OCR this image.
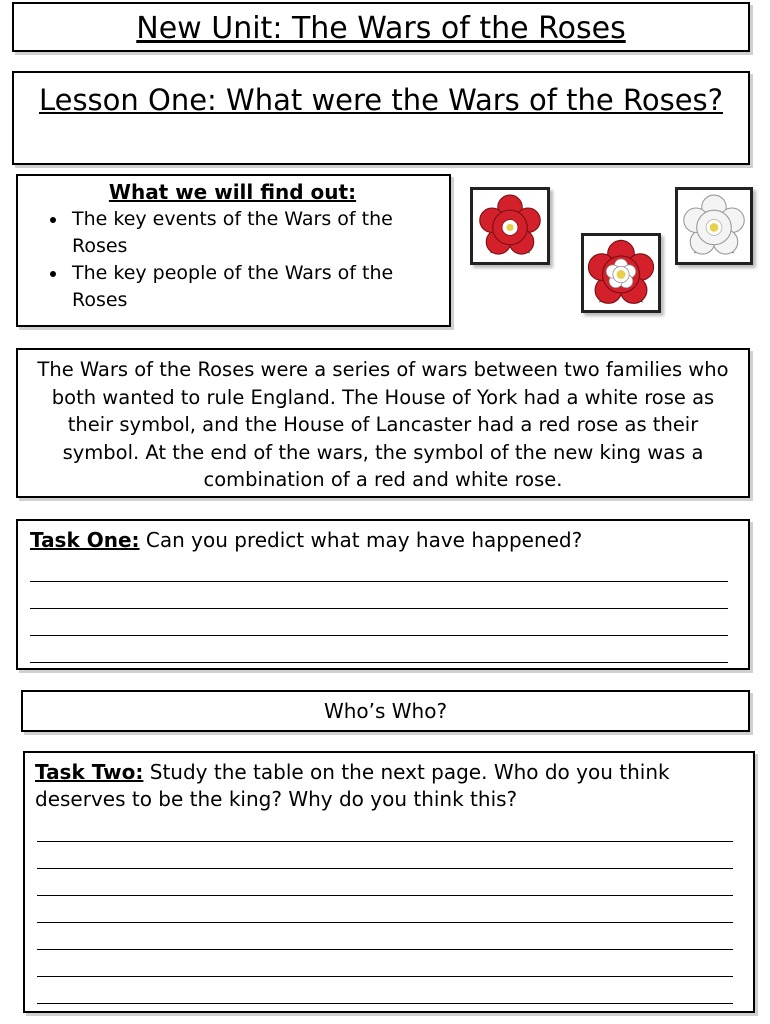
New Unit: The Wars of the Roses
Lesson One: What were the Wars of the Roses?
What we will find out:
• The key events of the Wars of the Roses
• The key people of the Wars of the Roses
The Wars of the Roses were a series of wars between two families who both wanted to rule England. The House of York had a white rose as their symbol, and the House of Lancaster had a red rose as their symbol. At the end of the wars, the symbol of the new king was a combination of a red and white rose.
Task One: Can you predict what may have happened?
Who’s Who?
Task Two: Study the table on the next page. Who do you think deserves to be the king? Why do you think this?
